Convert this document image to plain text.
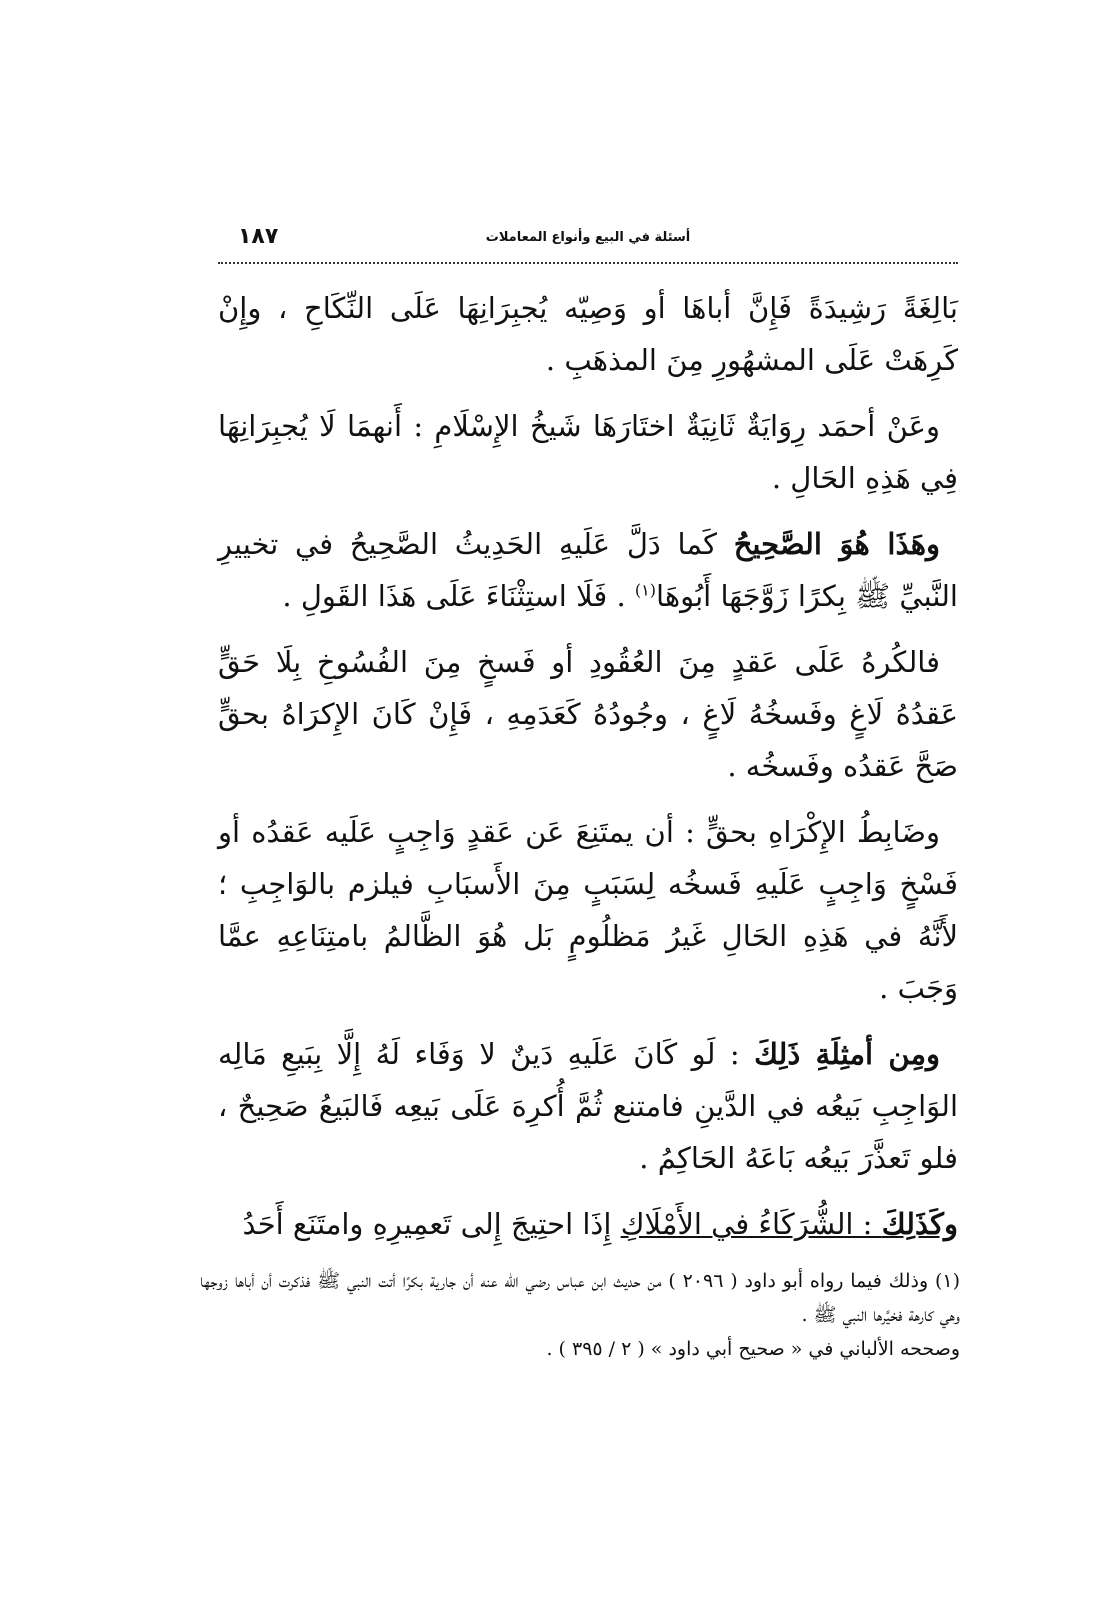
١٨٧	أسئلة في البيع وأنواع المعاملات

بَالِغَةً رَشِيدَةً فَإِنَّ أباهَا أو وَصِيّه يُجبِرَانِهَا عَلَى النِّكَاحِ ، وإِنْ كَرِهَتْ عَلَى المشهُورِ مِنَ المذهَبِ .

وعَنْ أحمَد رِوَايَةٌ ثَانِيَةٌ اختَارَهَا شَيخُ الإِسْلَامِ : أَنهمَا لَا يُجبِرَانِهَا فِي هَذِهِ الحَالِ .

وهَذَا هُوَ الصَّحِيحُ كَما دَلَّ عَلَيهِ الحَدِيثُ الصَّحِيحُ في تخييرِ النَّبيِّ ﷺ بِكرًا زَوَّجَهَا أَبُوهَا$^{(١)}$ . فَلَا استِثْنَاءَ عَلَى هَذَا القَولِ .

فالكُرهُ عَلَى عَقدٍ مِنَ العُقُودِ أو فَسخٍ مِنَ الفُسُوخِ بِلَا حَقٍّ عَقدُهُ لَاغٍ وفَسخُهُ لَاغٍ ، وجُودُهُ كَعَدَمِهِ ، فَإِنْ كَانَ الإِكرَاهُ بحقٍّ صَحَّ عَقدُه وفَسخُه .

وضَابِطُ الإِكْرَاهِ بحقٍّ : أن يمتَنِعَ عَن عَقدٍ وَاجِبٍ عَلَيه عَقدُه أو فَسْخٍ وَاجِبٍ عَلَيهِ فَسخُه لِسَبَبٍ مِنَ الأَسبَابِ فيلزم بالوَاجِبِ ؛ لأَنَّهُ في هَذِهِ الحَالِ غَيرُ مَظلُومٍ بَل هُوَ الظَّالمُ بامتِنَاعِهِ عمَّا وَجَبَ .

ومِن أمثِلَةِ ذَلِكَ : لَو كَانَ عَلَيهِ دَينٌ لا وَفَاء لَهُ إِلَّا بِبَيعِ مَالِه الوَاجِبِ بَيعُه في الدَّينِ فامتنع ثُمَّ أُكرِهَ عَلَى بَيعِه فَالبَيعُ صَحِيحٌ ، فلو تَعذَّرَ بَيعُه بَاعَهُ الحَاكِمُ .

وكَذَلِكَ : الشُّرَكَاءُ في الأَمْلَاكِ إِذَا احتِيجَ إِلى تَعمِيرِهِ وامتَنَع أَحَدُ

(١) وذلك فيما رواه أبو داود ( ٢٠٩٦ ) من حديث ابن عباس رضي الله عنه أن جارية بكرًا أتت النبي ﷺ فذكرت أن أباها زوجها وهي كارهة فخيَّرها النبي ﷺ .

وصححه الألباني في « صحيح أبي داود » ( ٢ / ٣٩٥ ) .
